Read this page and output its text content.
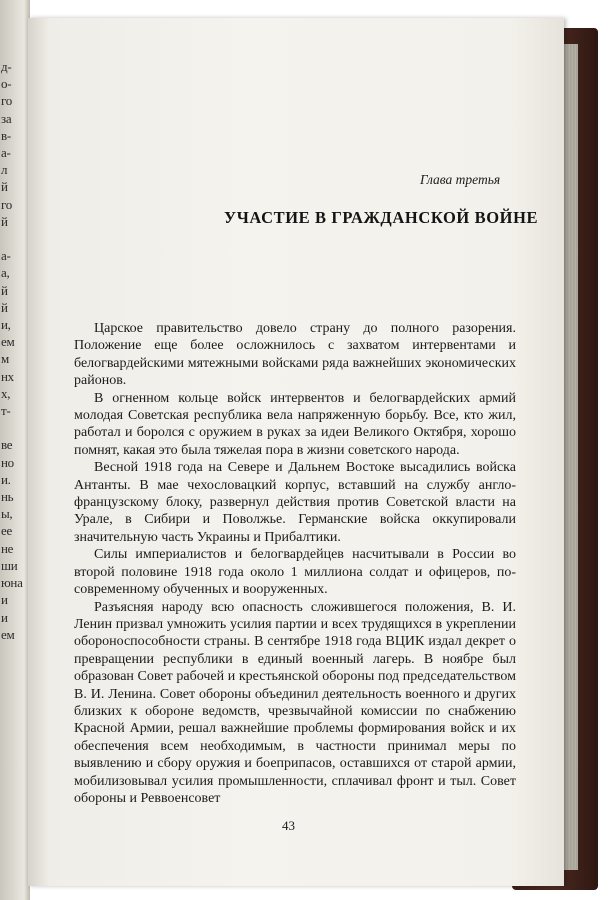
д-
о-
го
за
в-
а-
л
й
го
й

а-
а,
й
й
и,
ем
м
нх
х,
т-

ве
но
и.
нь
ы,
ее
не
ши
юна
и
и
ем
Глава третья
УЧАСТИЕ В ГРАЖДАНСКОЙ ВОЙНЕ

Царское правительство довело страну до полного разорения. Положение еще более осложнилось с захватом интервентами и белогвардейскими мятежными войсками ряда важнейших экономических районов.

В огненном кольце войск интервентов и белогвардейских армий молодая Советская республика вела напряженную борьбу. Все, кто жил, работал и боролся с оружием в руках за идеи Великого Октября, хорошо помнят, какая это была тяжелая пора в жизни советского народа.

Весной 1918 года на Севере и Дальнем Востоке высадились войска Антанты. В мае чехословацкий корпус, вставший на службу англо-французскому блоку, развернул действия против Советской власти на Урале, в Сибири и Поволжье. Германские войска оккупировали значительную часть Украины и Прибалтики.

Силы империалистов и белогвардейцев насчитывали в России во второй половине 1918 года около 1 миллиона солдат и офицеров, по-современному обученных и вооруженных.

Разъясняя народу всю опасность сложившегося положения, В. И. Ленин призвал умножить усилия партии и всех трудящихся в укреплении обороноспособности страны. В сентябре 1918 года ВЦИК издал декрет о превращении республики в единый военный лагерь. В ноябре был образован Совет рабочей и крестьянской обороны под председательством В. И. Ленина. Совет обороны объединил деятельность военного и других близких к обороне ведомств, чрезвычайной комиссии по снабжению Красной Армии, решал важнейшие проблемы формирования войск и их обеспечения всем необходимым, в частности принимал меры по выявлению и сбору оружия и боеприпасов, оставшихся от старой армии, мобилизовывал усилия промышленности, сплачивал фронт и тыл. Совет обороны и Реввоенсовет

43
